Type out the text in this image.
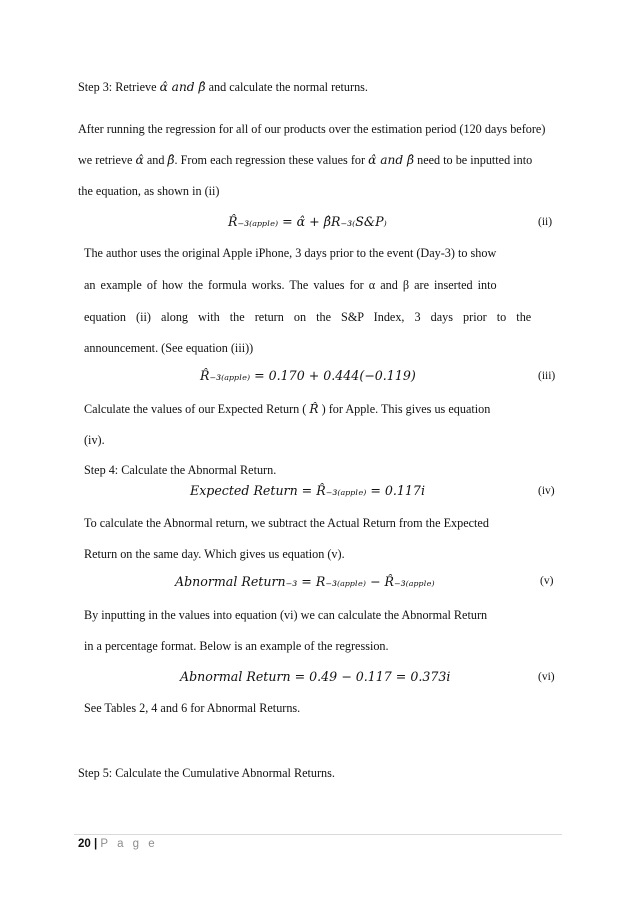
Step 3: Retrieve α̂ and β̂ and calculate the normal returns.
After running the regression for all of our products over the estimation period (120 days before)
we retrieve α̂ and β̂. From each regression these values for α̂ and β̂ need to be inputted into
the equation, as shown in (ii)
R̂₋₃₍ₐₚₚₗₑ₎ = α̂ + β̂R₋₃₍S&P₎	(ii)
The author uses the original Apple iPhone, 3 days prior to the event (Day-3) to show
an example of how the formula works. The values for α and β are inserted into
equation (ii) along with the return on the S&P Index, 3 days prior to the
announcement. (See equation (iii))
R̂₋₃₍ₐₚₚₗₑ₎ = 0.170 + 0.444(−0.119)	(iii)
Calculate the values of our Expected Return ( R̂ ) for Apple. This gives us equation
(iv).
Step 4: Calculate the Abnormal Return.
Expected Return = R̂₋₃₍ₐₚₚₗₑ₎ = 0.117i	(iv)
To calculate the Abnormal return, we subtract the Actual Return from the Expected
Return on the same day. Which gives us equation (v).
Abnormal Return₋₃ = R₋₃₍ₐₚₚₗₑ₎ − R̂₋₃₍ₐₚₚₗₑ₎	(v)
By inputting in the values into equation (vi) we can calculate the Abnormal Return
in a percentage format. Below is an example of the regression.
Abnormal Return = 0.49 − 0.117 = 0.373i	(vi)
See Tables 2, 4 and 6 for Abnormal Returns.
Step 5: Calculate the Cumulative Abnormal Returns.
20 | P a g e
